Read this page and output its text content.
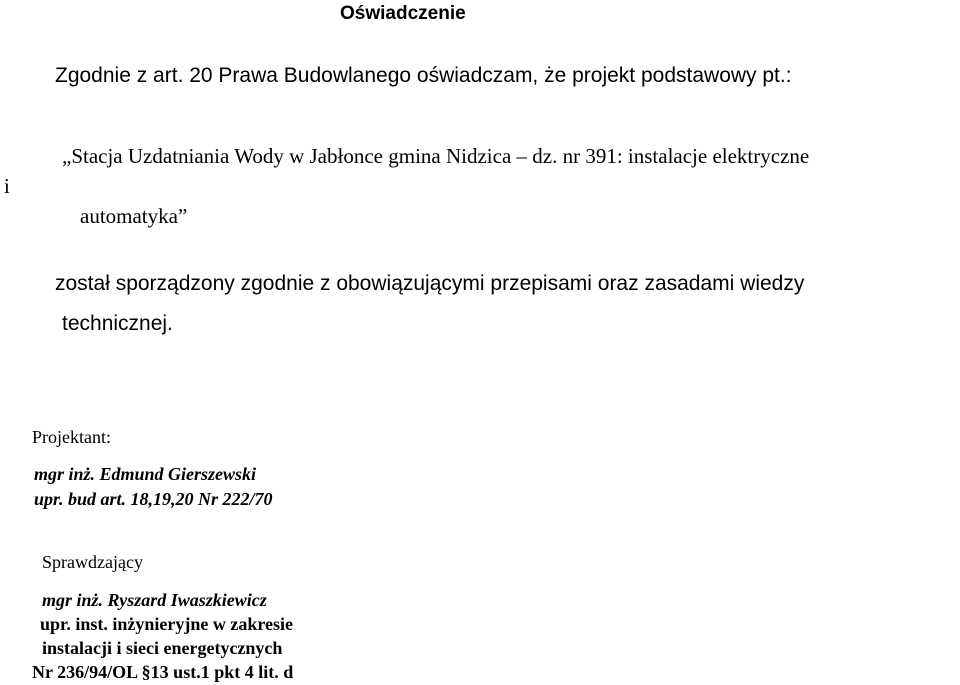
Oświadczenie

Zgodnie z art. 20 Prawa Budowlanego oświadczam, że projekt podstawowy pt.:

i

„Stacja Uzdatniania Wody w Jabłonce gmina Nidzica – dz. nr 391: instalacje elektryczne

automatyka”

został sporządzony zgodnie z obowiązującymi przepisami oraz zasadami wiedzy

technicznej.

Projektant:

mgr inż. Edmund Gierszewski

upr. bud art. 18,19,20 Nr 222/70

Sprawdzający

mgr inż. Ryszard Iwaszkiewicz

upr. inst. inżynieryjne w zakresie

instalacji i sieci energetycznych

Nr 236/94/OL §13 ust.1 pkt 4 lit. d
